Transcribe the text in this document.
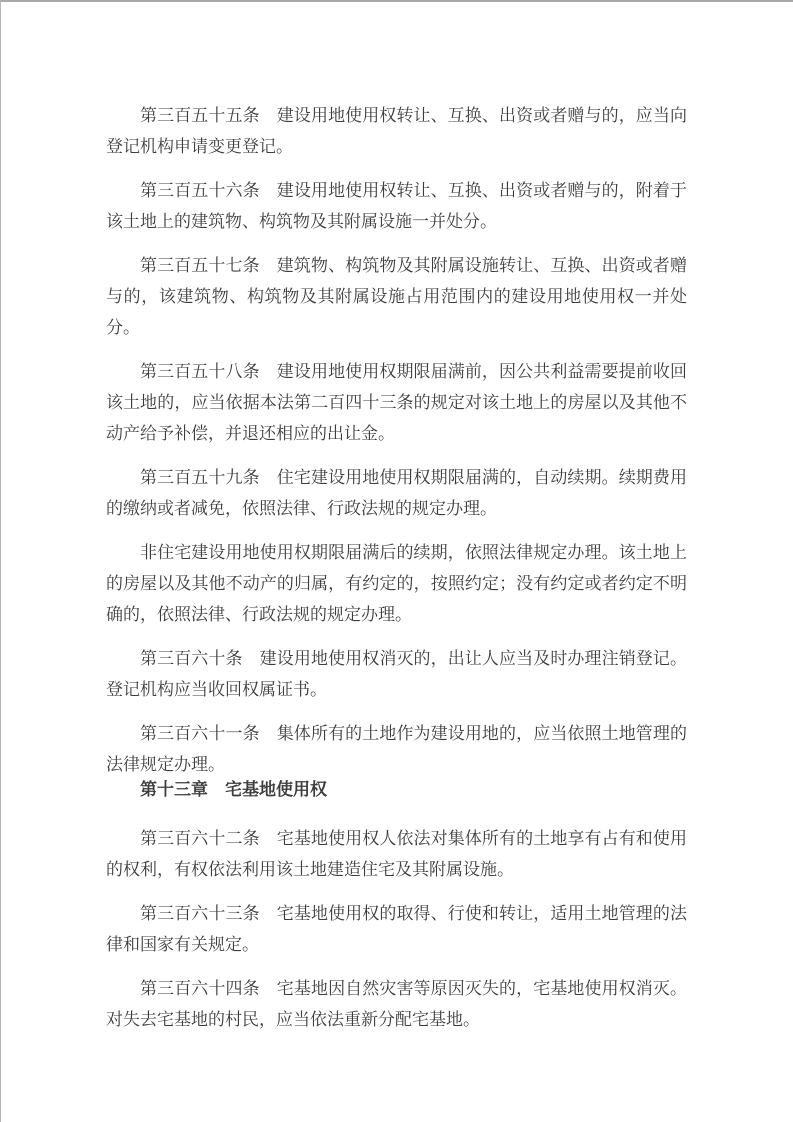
第三百五十五条　建设用地使用权转让、互换、出资或者赠与的，应当向登记机构申请变更登记。

第三百五十六条　建设用地使用权转让、互换、出资或者赠与的，附着于该土地上的建筑物、构筑物及其附属设施一并处分。

第三百五十七条　建筑物、构筑物及其附属设施转让、互换、出资或者赠与的，该建筑物、构筑物及其附属设施占用范围内的建设用地使用权一并处分。

第三百五十八条　建设用地使用权期限届满前，因公共利益需要提前收回该土地的，应当依据本法第二百四十三条的规定对该土地上的房屋以及其他不动产给予补偿，并退还相应的出让金。

第三百五十九条　住宅建设用地使用权期限届满的，自动续期。续期费用的缴纳或者减免，依照法律、行政法规的规定办理。

非住宅建设用地使用权期限届满后的续期，依照法律规定办理。该土地上的房屋以及其他不动产的归属，有约定的，按照约定；没有约定或者约定不明确的，依照法律、行政法规的规定办理。

第三百六十条　建设用地使用权消灭的，出让人应当及时办理注销登记。登记机构应当收回权属证书。

第三百六十一条　集体所有的土地作为建设用地的，应当依照土地管理的法律规定办理。

第十三章　宅基地使用权

第三百六十二条　宅基地使用权人依法对集体所有的土地享有占有和使用的权利，有权依法利用该土地建造住宅及其附属设施。

第三百六十三条　宅基地使用权的取得、行使和转让，适用土地管理的法律和国家有关规定。

第三百六十四条　宅基地因自然灾害等原因灭失的，宅基地使用权消灭。对失去宅基地的村民，应当依法重新分配宅基地。
